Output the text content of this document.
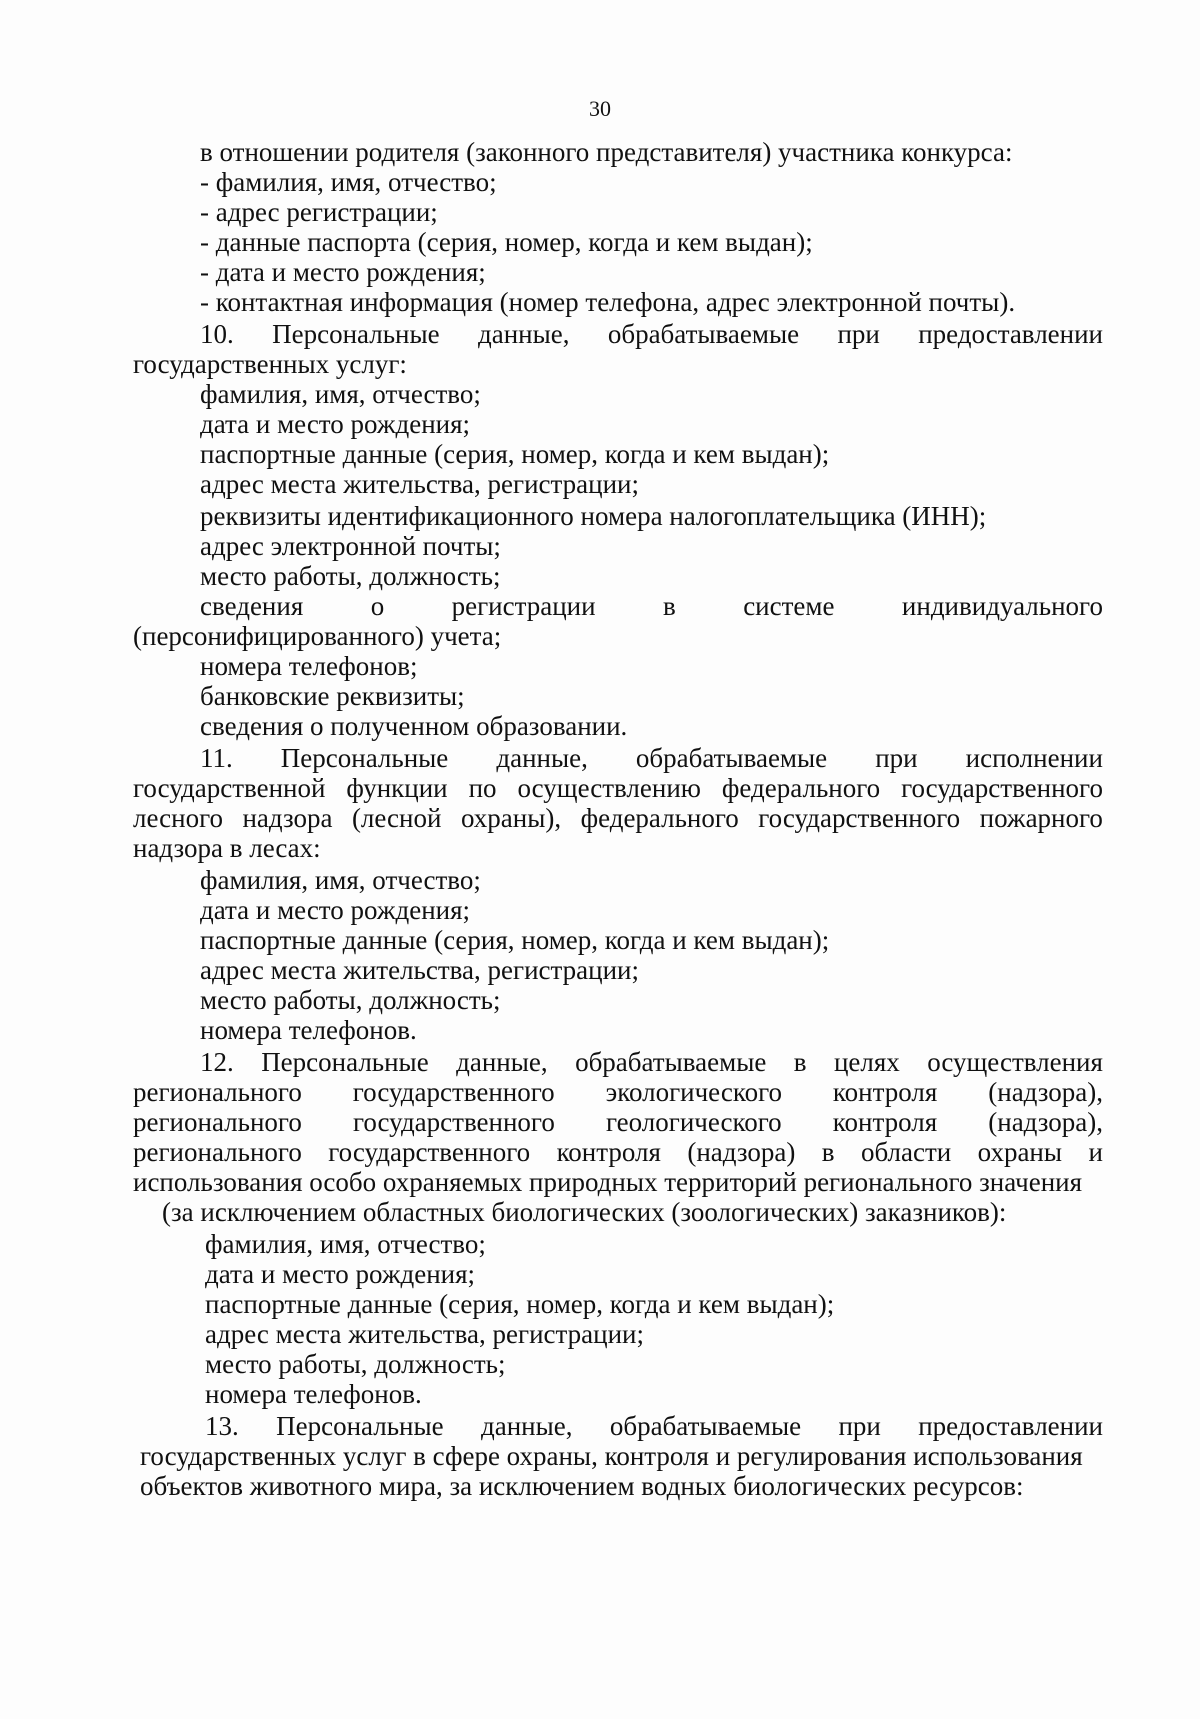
30
в отношении родителя (законного представителя) участника конкурса:
- фамилия, имя, отчество;
- адрес регистрации;
- данные паспорта (серия, номер, когда и кем выдан);
- дата и место рождения;
- контактная информация (номер телефона, адрес электронной почты).
10. Персональные данные, обрабатываемые при предоставлении
государственных услуг:
фамилия, имя, отчество;
дата и место рождения;
паспортные данные (серия, номер, когда и кем выдан);
адрес места жительства, регистрации;
реквизиты идентификационного номера налогоплательщика (ИНН);
адрес электронной почты;
место работы, должность;
сведения о регистрации в системе индивидуального
(персонифицированного) учета;
номера телефонов;
банковские реквизиты;
сведения о полученном образовании.
11. Персональные данные, обрабатываемые при исполнении
государственной функции по осуществлению федерального государственного
лесного надзора (лесной охраны), федерального государственного пожарного
надзора в лесах:
фамилия, имя, отчество;
дата и место рождения;
паспортные данные (серия, номер, когда и кем выдан);
адрес места жительства, регистрации;
место работы, должность;
номера телефонов.
12. Персональные данные, обрабатываемые в целях осуществления
регионального государственного экологического контроля (надзора),
регионального государственного геологического контроля (надзора),
регионального государственного контроля (надзора) в области охраны и
использования особо охраняемых природных территорий регионального значения
(за исключением областных биологических (зоологических) заказников):
фамилия, имя, отчество;
дата и место рождения;
паспортные данные (серия, номер, когда и кем выдан);
адрес места жительства, регистрации;
место работы, должность;
номера телефонов.
13. Персональные данные, обрабатываемые при предоставлении
государственных услуг в сфере охраны, контроля и регулирования использования
объектов животного мира, за исключением водных биологических ресурсов:
